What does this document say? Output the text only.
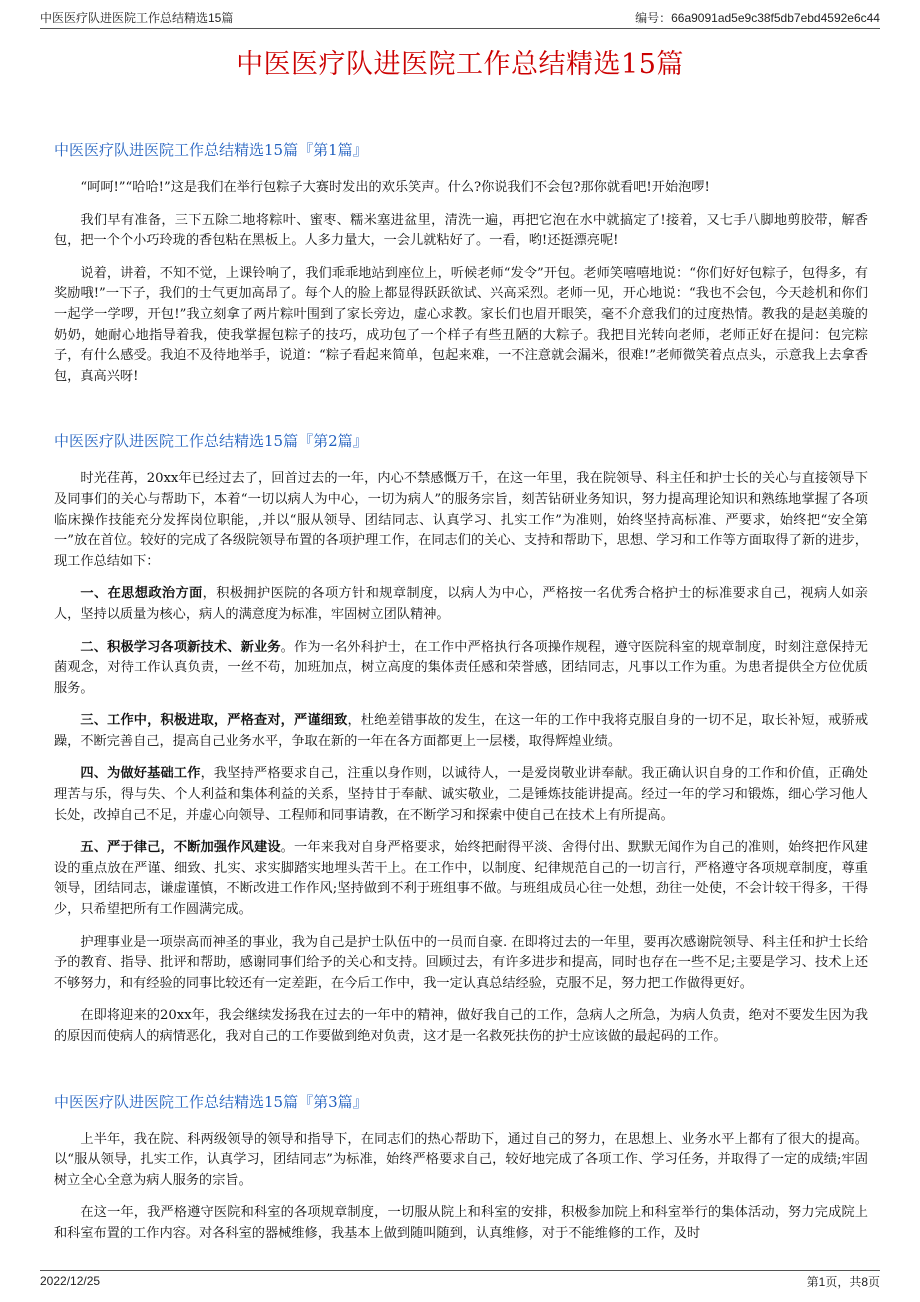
中医医疗队进医院工作总结精选15篇	编号：66a9091ad5e9c38f5db7ebd4592e6c44
中医医疗队进医院工作总结精选15篇
中医医疗队进医院工作总结精选15篇『第1篇』

“呵呵!”“哈哈!”这是我们在举行包粽子大赛时发出的欢乐笑声。什么?你说我们不会包?那你就看吧!开始泡啰!

我们早有准备，三下五除二地将粽叶、蜜枣、糯米塞进盆里，清洗一遍，再把它泡在水中就搞定了!接着，又七手八脚地剪胶带，解香包，把一个个小巧玲珑的香包粘在黑板上。人多力量大，一会儿就粘好了。一看，哟!还挺漂亮呢!

说着，讲着，不知不觉，上课铃响了，我们乖乖地站到座位上，听候老师“发令”开包。老师笑嘻嘻地说：“你们好好包粽子，包得多，有奖励哦!”一下子，我们的士气更加高昂了。每个人的脸上都显得跃跃欲试、兴高采烈。老师一见，开心地说：“我也不会包，今天趁机和你们一起学一学啰，开包!”我立刻拿了两片粽叶围到了家长旁边，虚心求教。家长们也眉开眼笑，毫不介意我们的过度热情。教我的是赵美璇的奶奶，她耐心地指导着我，使我掌握包粽子的技巧，成功包了一个样子有些丑陋的大粽子。我把目光转向老师，老师正好在提问：包完粽子，有什么感受。我迫不及待地举手，说道：“粽子看起来简单，包起来难，一不注意就会漏米，很难!”老师微笑着点点头，示意我上去拿香包，真高兴呀!

中医医疗队进医院工作总结精选15篇『第2篇』

时光荏苒，20xx年已经过去了，回首过去的一年，内心不禁感慨万千，在这一年里，我在院领导、科主任和护士长的关心与直接领导下及同事们的关心与帮助下，本着“一切以病人为中心，一切为病人”的服务宗旨，刻苦钻研业务知识，努力提高理论知识和熟练地掌握了各项临床操作技能充分发挥岗位职能，,并以“服从领导、团结同志、认真学习、扎实工作”为准则，始终坚持高标准、严要求，始终把“安全第一”放在首位。较好的完成了各级院领导布置的各项护理工作，在同志们的关心、支持和帮助下，思想、学习和工作等方面取得了新的进步，现工作总结如下：

一、在思想政治方面，积极拥护医院的各项方针和规章制度，以病人为中心，严格按一名优秀合格护士的标准要求自己，视病人如亲人，坚持以质量为核心，病人的满意度为标准，牢固树立团队精神。

二、积极学习各项新技术、新业务。作为一名外科护士，在工作中严格执行各项操作规程，遵守医院科室的规章制度，时刻注意保持无菌观念，对待工作认真负责，一丝不苟，加班加点，树立高度的集体责任感和荣誉感，团结同志，凡事以工作为重。为患者提供全方位优质服务。

三、工作中，积极进取，严格查对，严谨细致，杜绝差错事故的发生，在这一年的工作中我将克服自身的一切不足，取长补短，戒骄戒躁，不断完善自己，提高自己业务水平，争取在新的一年在各方面都更上一层楼，取得辉煌业绩。

四、为做好基础工作，我坚持严格要求自己，注重以身作则，以诚待人，一是爱岗敬业讲奉献。我正确认识自身的工作和价值，正确处理苦与乐，得与失、个人利益和集体利益的关系，坚持甘于奉献、诚实敬业，二是锤炼技能讲提高。经过一年的学习和锻炼，细心学习他人长处，改掉自己不足，并虚心向领导、工程师和同事请教，在不断学习和探索中使自己在技术上有所提高。

五、严于律己，不断加强作风建设。一年来我对自身严格要求，始终把耐得平淡、舍得付出、默默无闻作为自己的准则，始终把作风建设的重点放在严谨、细致、扎实、求实脚踏实地埋头苦干上。在工作中，以制度、纪律规范自己的一切言行，严格遵守各项规章制度，尊重领导，团结同志，谦虚谨慎，不断改进工作作风;坚持做到不利于班组事不做。与班组成员心往一处想，劲往一处使，不会计较干得多，干得少，只希望把所有工作圆满完成。

护理事业是一项崇高而神圣的事业，我为自己是护士队伍中的一员而自豪. 在即将过去的一年里，要再次感谢院领导、科主任和护士长给予的教育、指导、批评和帮助，感谢同事们给予的关心和支持。回顾过去，有许多进步和提高，同时也存在一些不足;主要是学习、技术上还不够努力，和有经验的同事比较还有一定差距，在今后工作中，我一定认真总结经验，克服不足，努力把工作做得更好。

在即将迎来的20xx年，我会继续发扬我在过去的一年中的精神，做好我自己的工作，急病人之所急，为病人负责，绝对不要发生因为我的原因而使病人的病情恶化，我对自己的工作要做到绝对负责，这才是一名救死扶伤的护士应该做的最起码的工作。

中医医疗队进医院工作总结精选15篇『第3篇』

上半年，我在院、科两级领导的领导和指导下，在同志们的热心帮助下，通过自己的努力，在思想上、业务水平上都有了很大的提高。以“服从领导，扎实工作，认真学习，团结同志”为标准，始终严格要求自己，较好地完成了各项工作、学习任务，并取得了一定的成绩;牢固树立全心全意为病人服务的宗旨。

在这一年，我严格遵守医院和科室的各项规章制度，一切服从院上和科室的安排，积极参加院上和科室举行的集体活动，努力完成院上和科室布置的工作内容。对各科室的器械维修，我基本上做到随叫随到，认真维修，对于不能维修的工作，及时

2022/12/25	第1页，共8页
